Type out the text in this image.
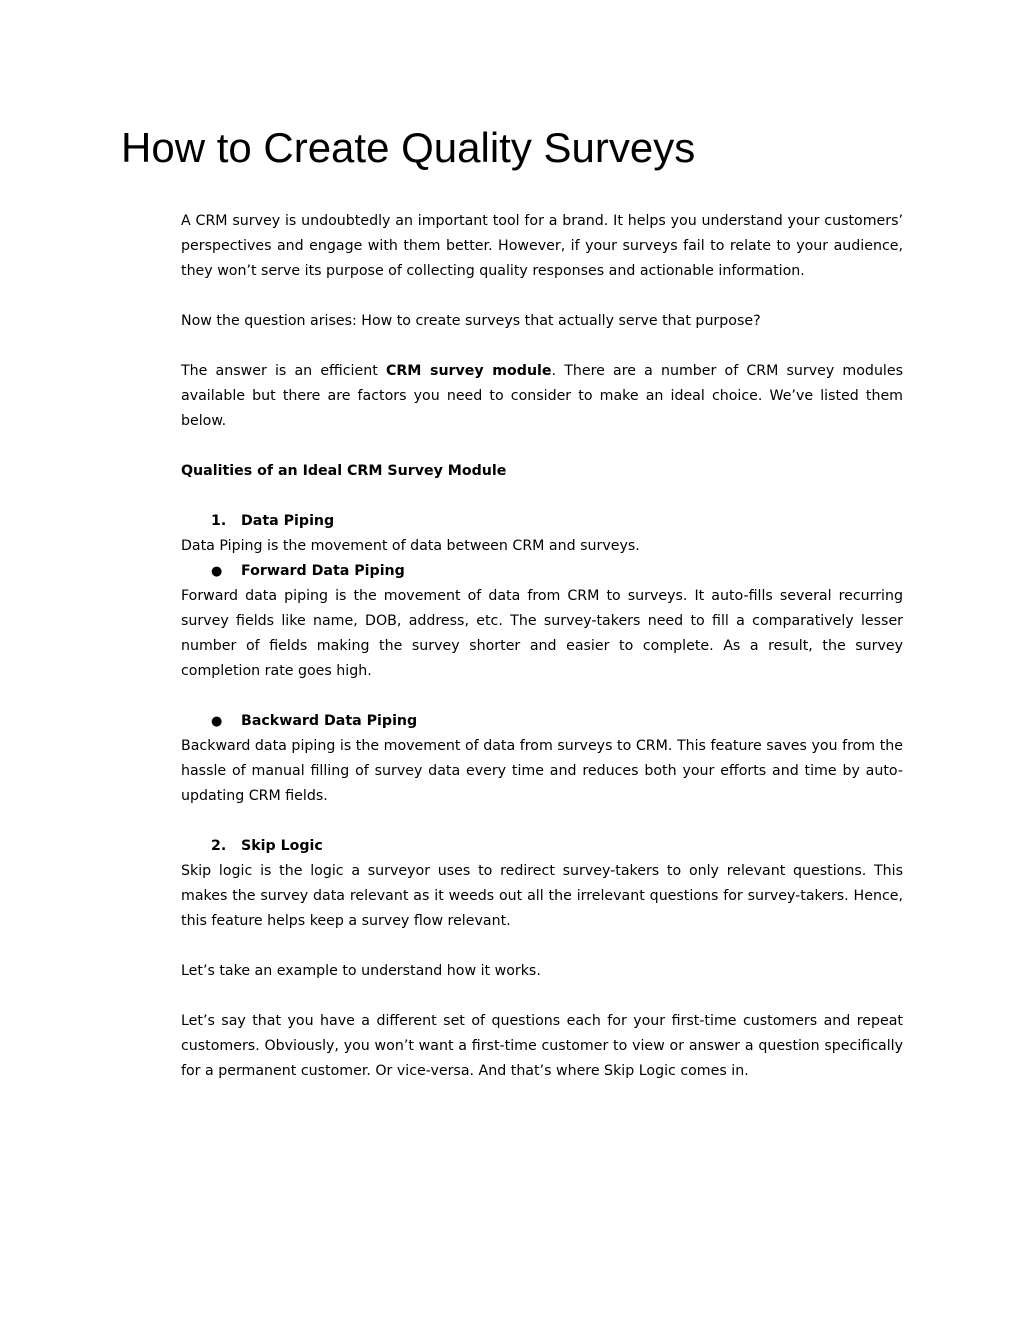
How to Create Quality Surveys

A CRM survey is undoubtedly an important tool for a brand. It helps you understand your customers’ perspectives and engage with them better. However, if your surveys fail to relate to your audience, they won’t serve its purpose of collecting quality responses and actionable information.

Now the question arises: How to create surveys that actually serve that purpose?

The answer is an efficient CRM survey module. There are a number of CRM survey modules available but there are factors you need to consider to make an ideal choice. We’ve listed them below.

Qualities of an Ideal CRM Survey Module

1. Data Piping

Data Piping is the movement of data between CRM and surveys.

● Forward Data Piping

Forward data piping is the movement of data from CRM to surveys. It auto-fills several recurring survey fields like name, DOB, address, etc. The survey-takers need to fill a comparatively lesser number of fields making the survey shorter and easier to complete. As a result, the survey completion rate goes high.

● Backward Data Piping

Backward data piping is the movement of data from surveys to CRM. This feature saves you from the hassle of manual filling of survey data every time and reduces both your efforts and time by auto-updating CRM fields.

2. Skip Logic

Skip logic is the logic a surveyor uses to redirect survey-takers to only relevant questions. This makes the survey data relevant as it weeds out all the irrelevant questions for survey-takers. Hence, this feature helps keep a survey flow relevant.

Let’s take an example to understand how it works.

Let’s say that you have a different set of questions each for your first-time customers and repeat customers. Obviously, you won’t want a first-time customer to view or answer a question specifically for a permanent customer. Or vice-versa. And that’s where Skip Logic comes in.
